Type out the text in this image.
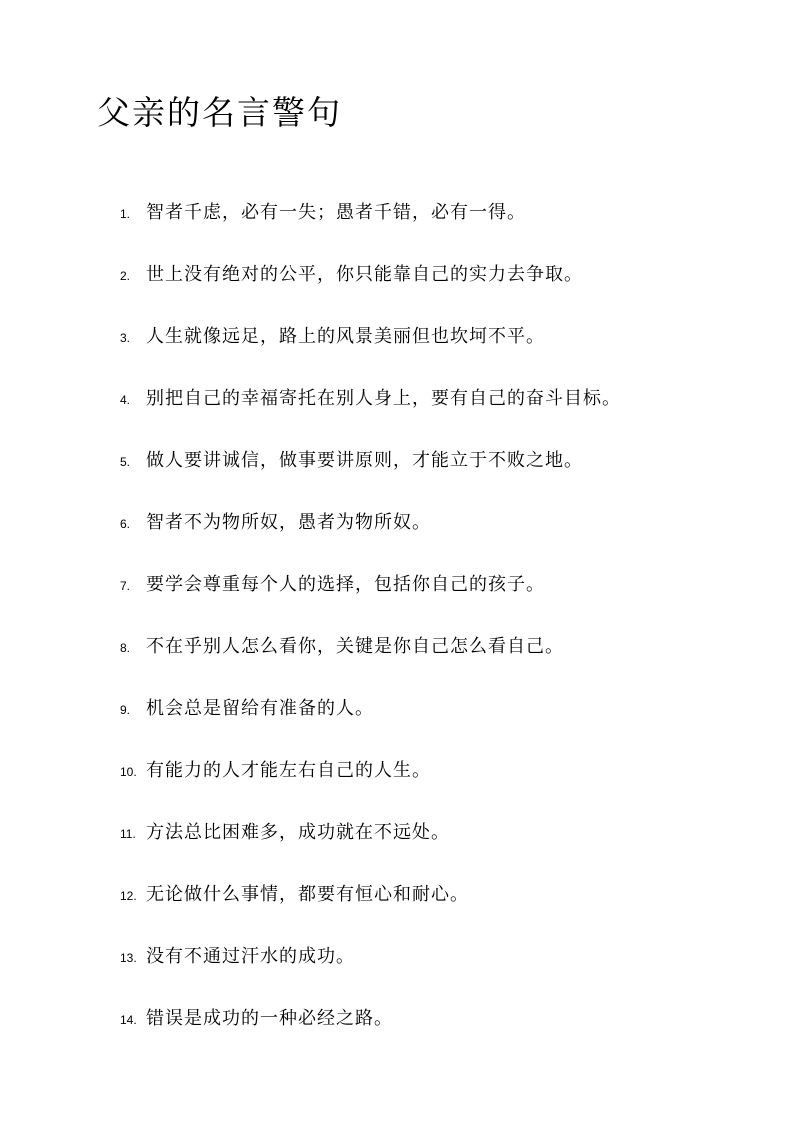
父亲的名言警句
1. 智者千虑，必有一失；愚者千错，必有一得。
2. 世上没有绝对的公平，你只能靠自己的实力去争取。
3. 人生就像远足，路上的风景美丽但也坎坷不平。
4. 别把自己的幸福寄托在别人身上，要有自己的奋斗目标。
5. 做人要讲诚信，做事要讲原则，才能立于不败之地。
6. 智者不为物所奴，愚者为物所奴。
7. 要学会尊重每个人的选择，包括你自己的孩子。
8. 不在乎别人怎么看你，关键是你自己怎么看自己。
9. 机会总是留给有准备的人。
10. 有能力的人才能左右自己的人生。
11. 方法总比困难多，成功就在不远处。
12. 无论做什么事情，都要有恒心和耐心。
13. 没有不通过汗水的成功。
14. 错误是成功的一种必经之路。
